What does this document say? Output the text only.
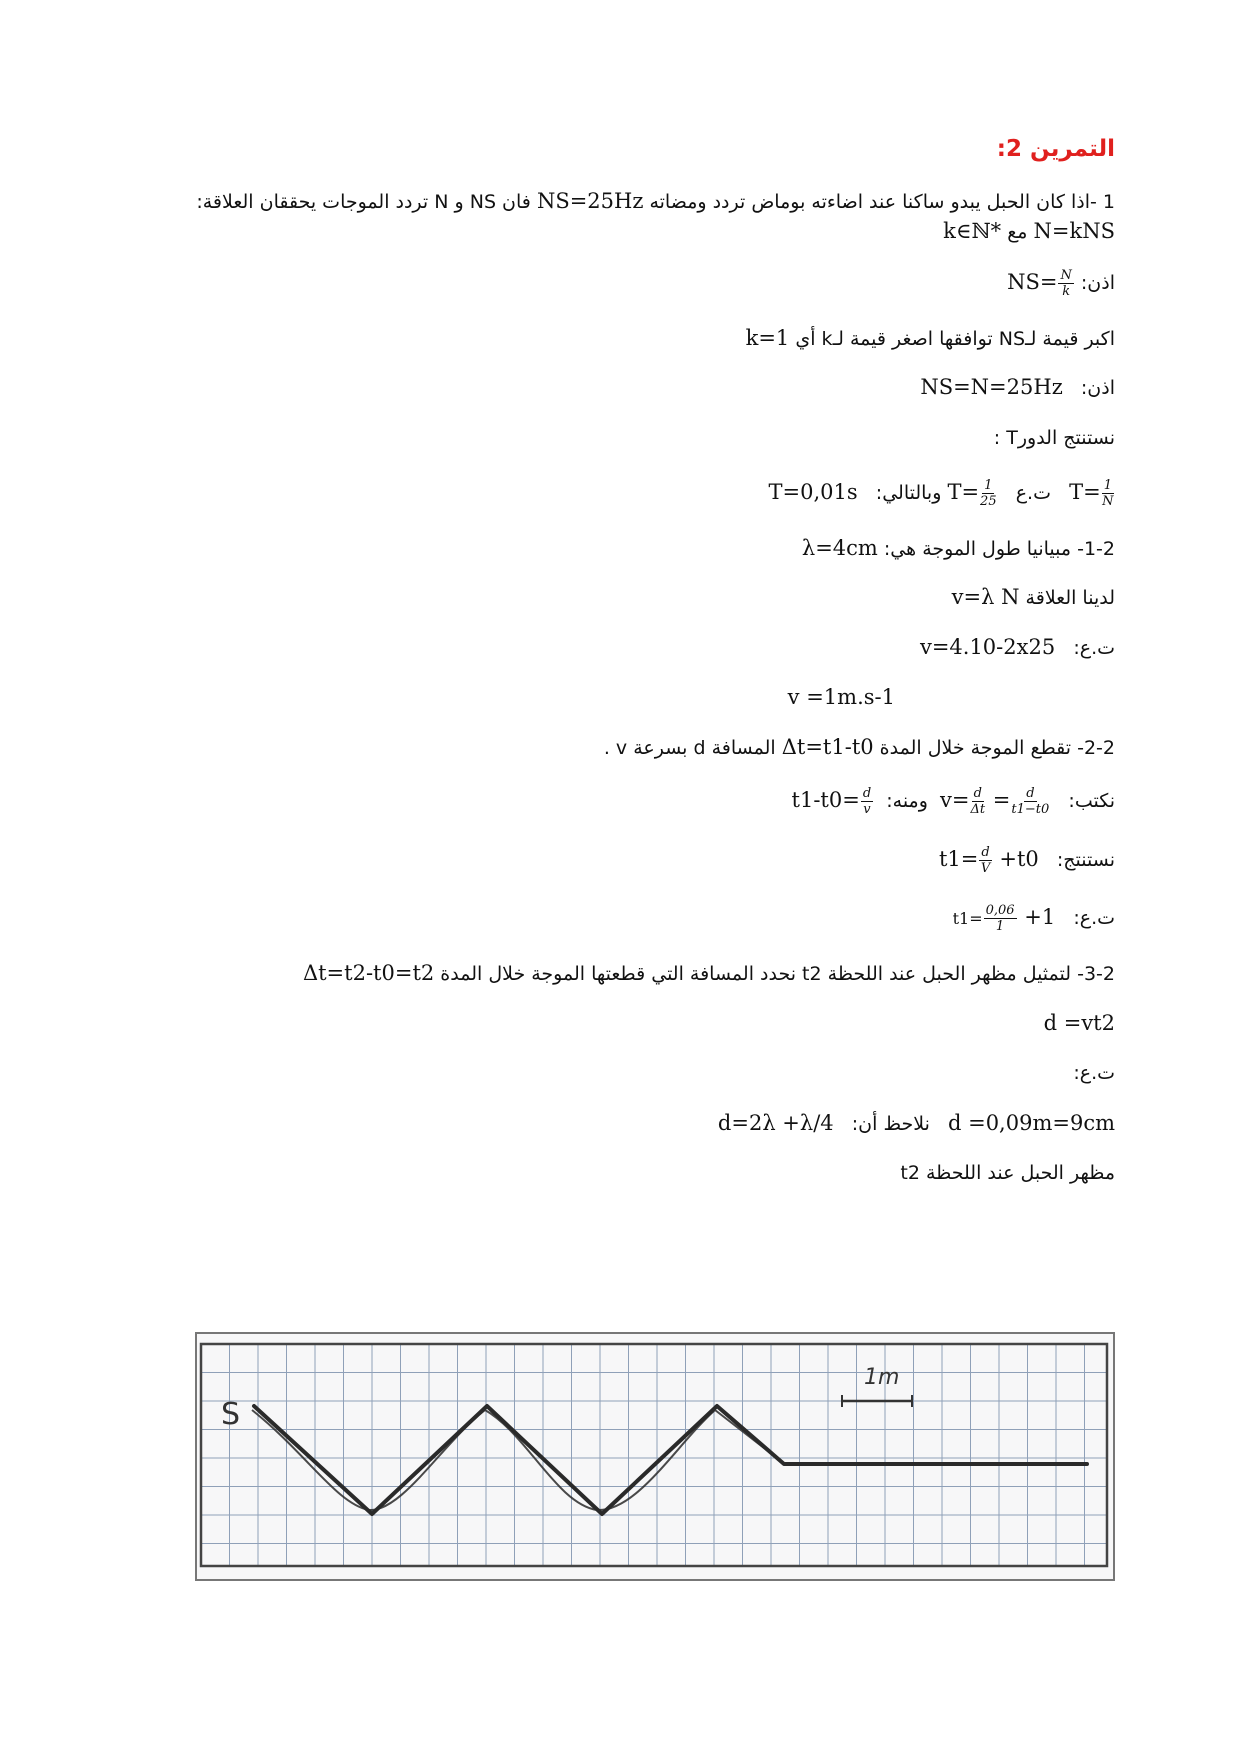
التمرين 2:
1 -اذا كان الحبل يبدو ساكنا عند اضاءته بوماض تردد ومضاته NS=25Hz فان NS و N تردد الموجات يحققان العلاقة:
N=kNS مع k∈ℕ*
اذن: $NS= \frac{N}{k}$
اكبر قيمة لـNS توافقها اصغر قيمة لـk أي k=1
اذن:   NS=N=25Hz
نستنتج الدورT :
$T= \frac{1}{N}$
ت.ع   $T= \frac{1}{25}$
وبالتالي:   T=0,01s
1-2- مبيانيا طول الموجة هي: λ=4cm
لدينا العلاقة v=λ N
ت.ع:   v=4.10-2x25
v =1m.s-1
2-2- تقطع الموجة خلال المدة Δt=t1-t0 المسافة d بسرعة v .
نكتب:   $v= \frac{d}{\Delta t} = \frac{d}{t1-t0}$
ومنه:  $t1-t0= \frac{d}{v}$
نستنتج:   $t1= \frac{d}{V} +t0$
ت.ع:   $t1= \frac{0,06}{1} +1$
3-2- لتمثيل مظهر الحبل عند اللحظة t2 نحدد المسافة التي قطعتها الموجة خلال المدة Δt=t2-t0=t2
d =vt2
ت.ع:
d =0,09m=9cm   نلاحظ أن:   d=2λ +λ/4
مظهر الحبل عند اللحظة t2
S
1m
